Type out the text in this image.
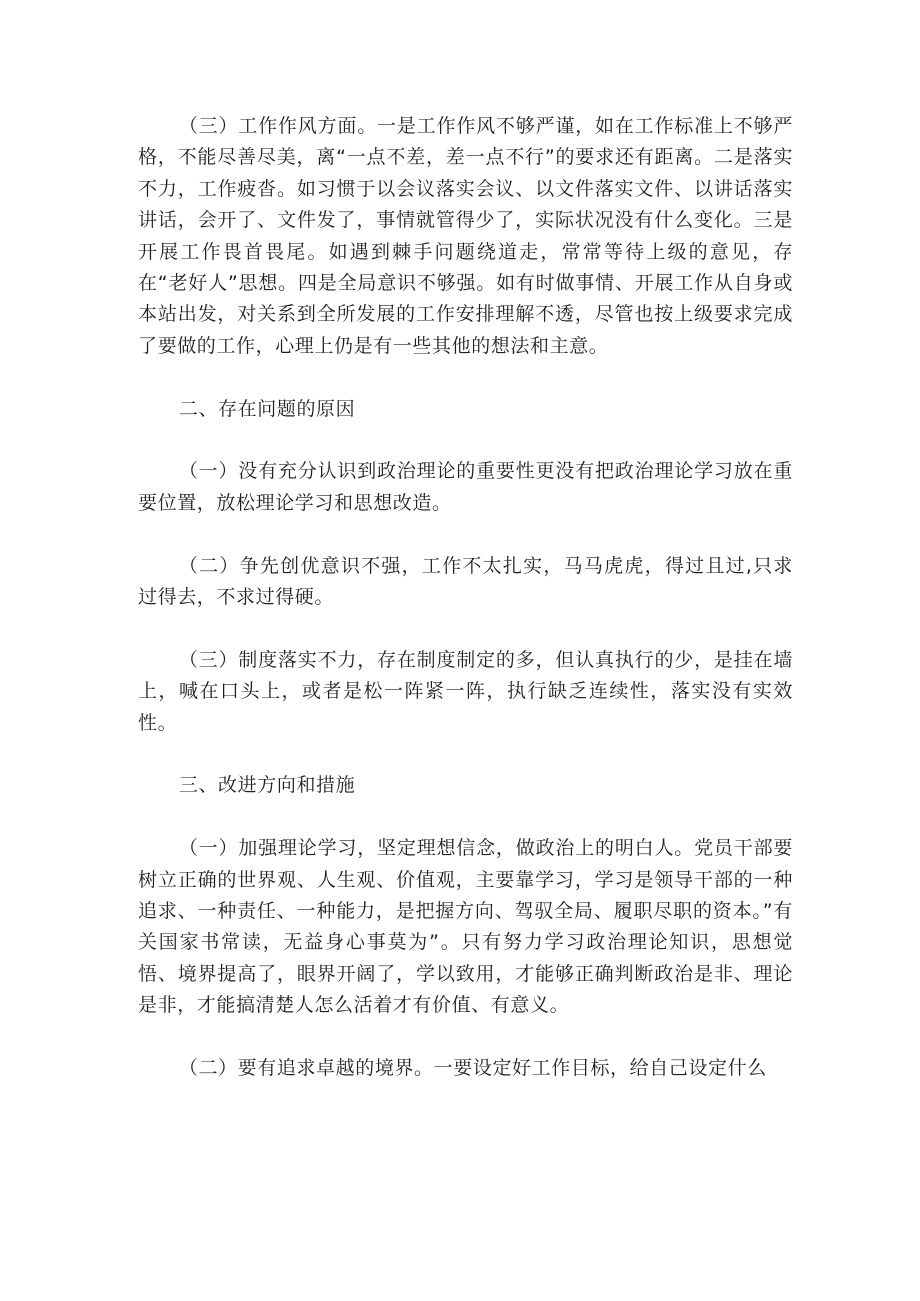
（三）工作作风方面。一是工作作风不够严谨，如在工作标准上不够严格，不能尽善尽美，离“一点不差，差一点不行”的要求还有距离。二是落实不力，工作疲沓。如习惯于以会议落实会议、以文件落实文件、以讲话落实讲话，会开了、文件发了，事情就管得少了，实际状况没有什么变化。三是开展工作畏首畏尾。如遇到棘手问题绕道走，常常等待上级的意见，存在“老好人”思想。四是全局意识不够强。如有时做事情、开展工作从自身或本站出发，对关系到全所发展的工作安排理解不透，尽管也按上级要求完成了要做的工作，心理上仍是有一些其他的想法和主意。

二、存在问题的原因

（一）没有充分认识到政治理论的重要性更没有把政治理论学习放在重要位置，放松理论学习和思想改造。

（二）争先创优意识不强，工作不太扎实，马马虎虎，得过且过,只求过得去，不求过得硬。

（三）制度落实不力，存在制度制定的多，但认真执行的少，是挂在墙上，喊在口头上，或者是松一阵紧一阵，执行缺乏连续性，落实没有实效性。

三、改进方向和措施

（一）加强理论学习，坚定理想信念，做政治上的明白人。党员干部要树立正确的世界观、人生观、价值观，主要靠学习，学习是领导干部的一种追求、一种责任、一种能力，是把握方向、驾驭全局、履职尽职的资本。”有关国家书常读，无益身心事莫为”。只有努力学习政治理论知识，思想觉悟、境界提高了，眼界开阔了，学以致用，才能够正确判断政治是非、理论是非，才能搞清楚人怎么活着才有价值、有意义。

（二）要有追求卓越的境界。一要设定好工作目标，给自己设定什么
